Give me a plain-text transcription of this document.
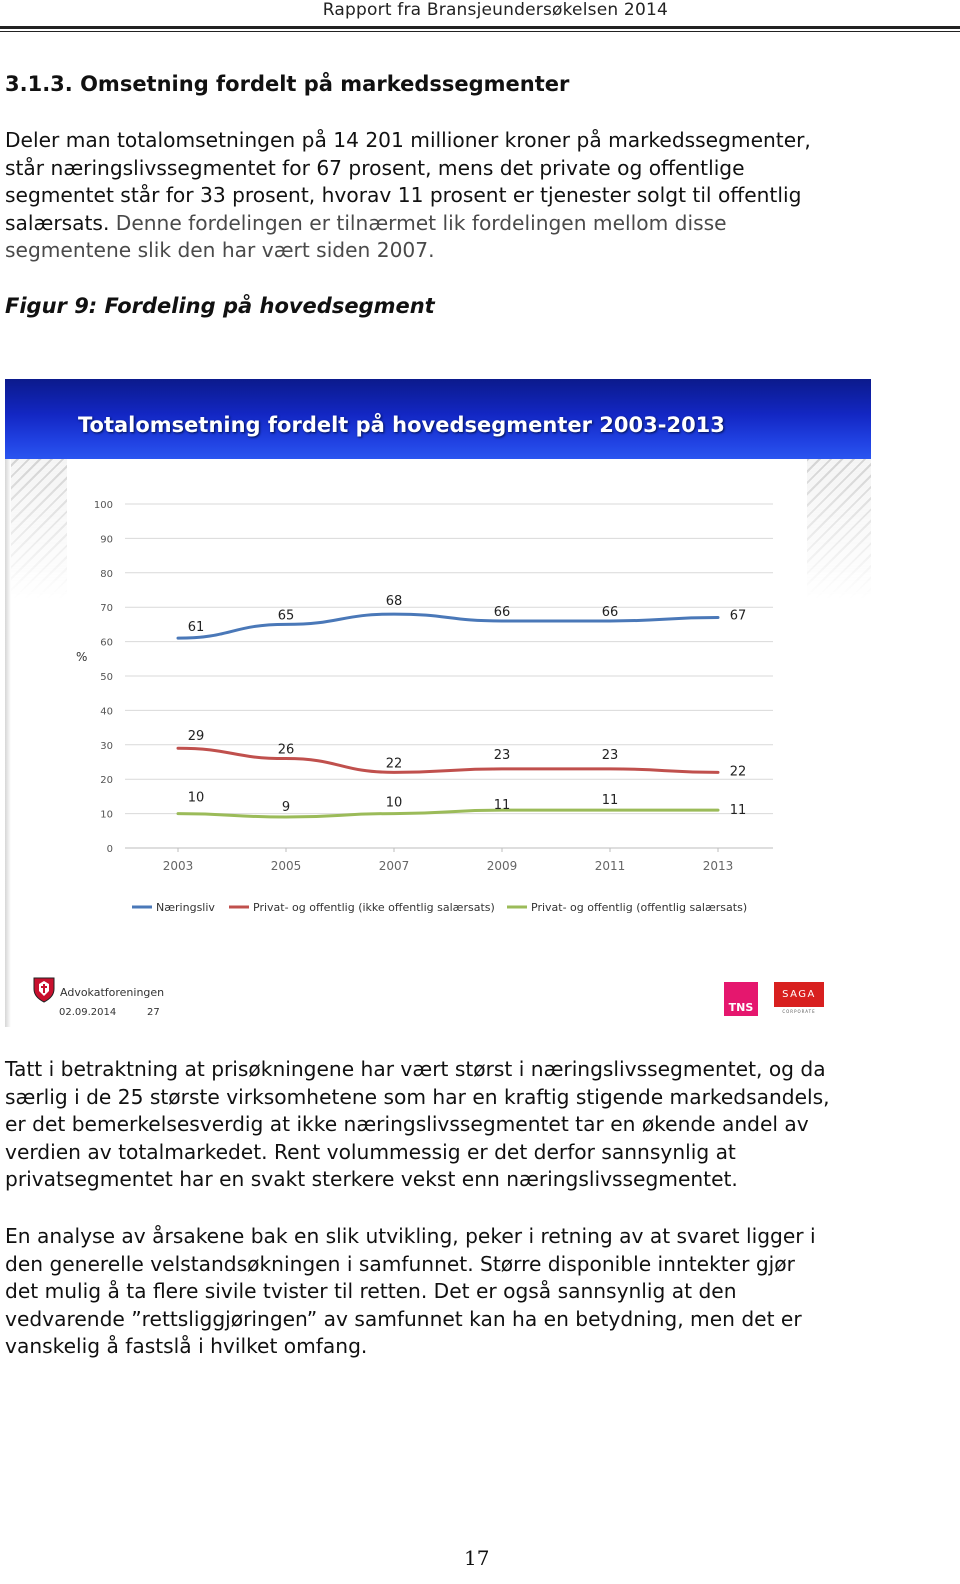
Rapport fra Bransjeundersøkelsen 2014
3.1.3. Omsetning fordelt på markedssegmenter
Deler man totalomsetningen på 14 201 millioner kroner på markedssegmenter,
står næringslivssegmentet for 67 prosent, mens det private og offentlige
segmentet står for 33 prosent, hvorav 11 prosent er tjenester solgt til offentlig
salærsats. Denne fordelingen er tilnærmet lik fordelingen mellom disse
segmentene slik den har vært siden 2007.
Figur 9: Fordeling på hovedsegment
Totalomsetning fordelt på hovedsegmenter 2003-2013
0
10
20
30
40
50
60
70
80
90
100
2003	2005	2007	2009	2011	2013
%
61
65
68
66	66	67
29
26
22
23	23
22
10
9	10	11	11
11
Næringsliv	Privat- og offentlig (ikke offentlig salærsats)	Privat- og offentlig (offentlig salærsats)
Advokatforeningen
02.09.2014	27	TNS
SAGA
CORPORATE
Tatt i betraktning at prisøkningene har vært størst i næringslivssegmentet, og da
særlig i de 25 største virksomhetene som har en kraftig stigende markedsandels,
er det bemerkelsesverdig at ikke næringslivssegmentet tar en økende andel av
verdien av totalmarkedet. Rent volummessig er det derfor sannsynlig at
privatsegmentet har en svakt sterkere vekst enn næringslivssegmentet.
En analyse av årsakene bak en slik utvikling, peker i retning av at svaret ligger i
den generelle velstandsøkningen i samfunnet. Større disponible inntekter gjør
det mulig å ta flere sivile tvister til retten. Det er også sannsynlig at den
vedvarende ”rettsliggjøringen” av samfunnet kan ha en betydning, men det er
vanskelig å fastslå i hvilket omfang.
17
